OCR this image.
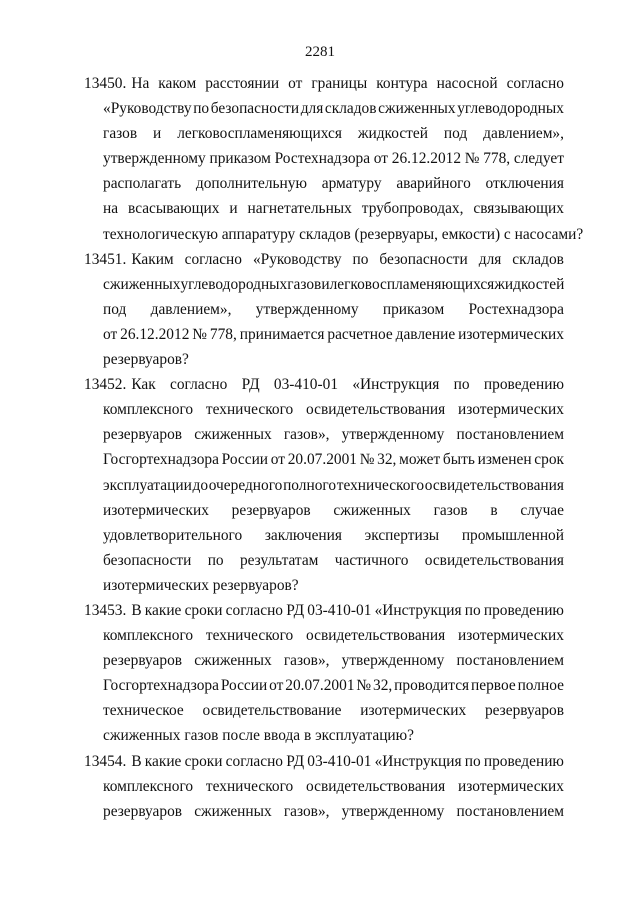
2281
13450. На каком расстоянии от границы контура насосной согласно
«Руководству по безопасности для складов сжиженных углеводородных
газов и легковоспламеняющихся жидкостей под давлением»,
утвержденному приказом Ростехнадзора от 26.12.2012 № 778, следует
располагать дополнительную арматуру аварийного отключения
на всасывающих и нагнетательных трубопроводах, связывающих
технологическую аппаратуру складов (резервуары, емкости) с насосами?
13451. Каким согласно «Руководству по безопасности для складов
сжиженных углеводородных газов и легковоспламеняющихся жидкостей
под давлением», утвержденному приказом Ростехнадзора
от 26.12.2012 № 778, принимается расчетное давление изотермических
резервуаров?
13452. Как согласно РД 03-410-01 «Инструкция по проведению
комплексного технического освидетельствования изотермических
резервуаров сжиженных газов», утвержденному постановлением
Госгортехнадзора России от 20.07.2001 № 32, может быть изменен срок
эксплуатации до очередного полного технического освидетельствования
изотермических резервуаров сжиженных газов в случае
удовлетворительного заключения экспертизы промышленной
безопасности по результатам частичного освидетельствования
изотермических резервуаров?
13453. В какие сроки согласно РД 03-410-01 «Инструкция по проведению
комплексного технического освидетельствования изотермических
резервуаров сжиженных газов», утвержденному постановлением
Госгортехнадзора России от 20.07.2001 № 32, проводится первое полное
техническое освидетельствование изотермических резервуаров
сжиженных газов после ввода в эксплуатацию?
13454. В какие сроки согласно РД 03-410-01 «Инструкция по проведению
комплексного технического освидетельствования изотермических
резервуаров сжиженных газов», утвержденному постановлением
